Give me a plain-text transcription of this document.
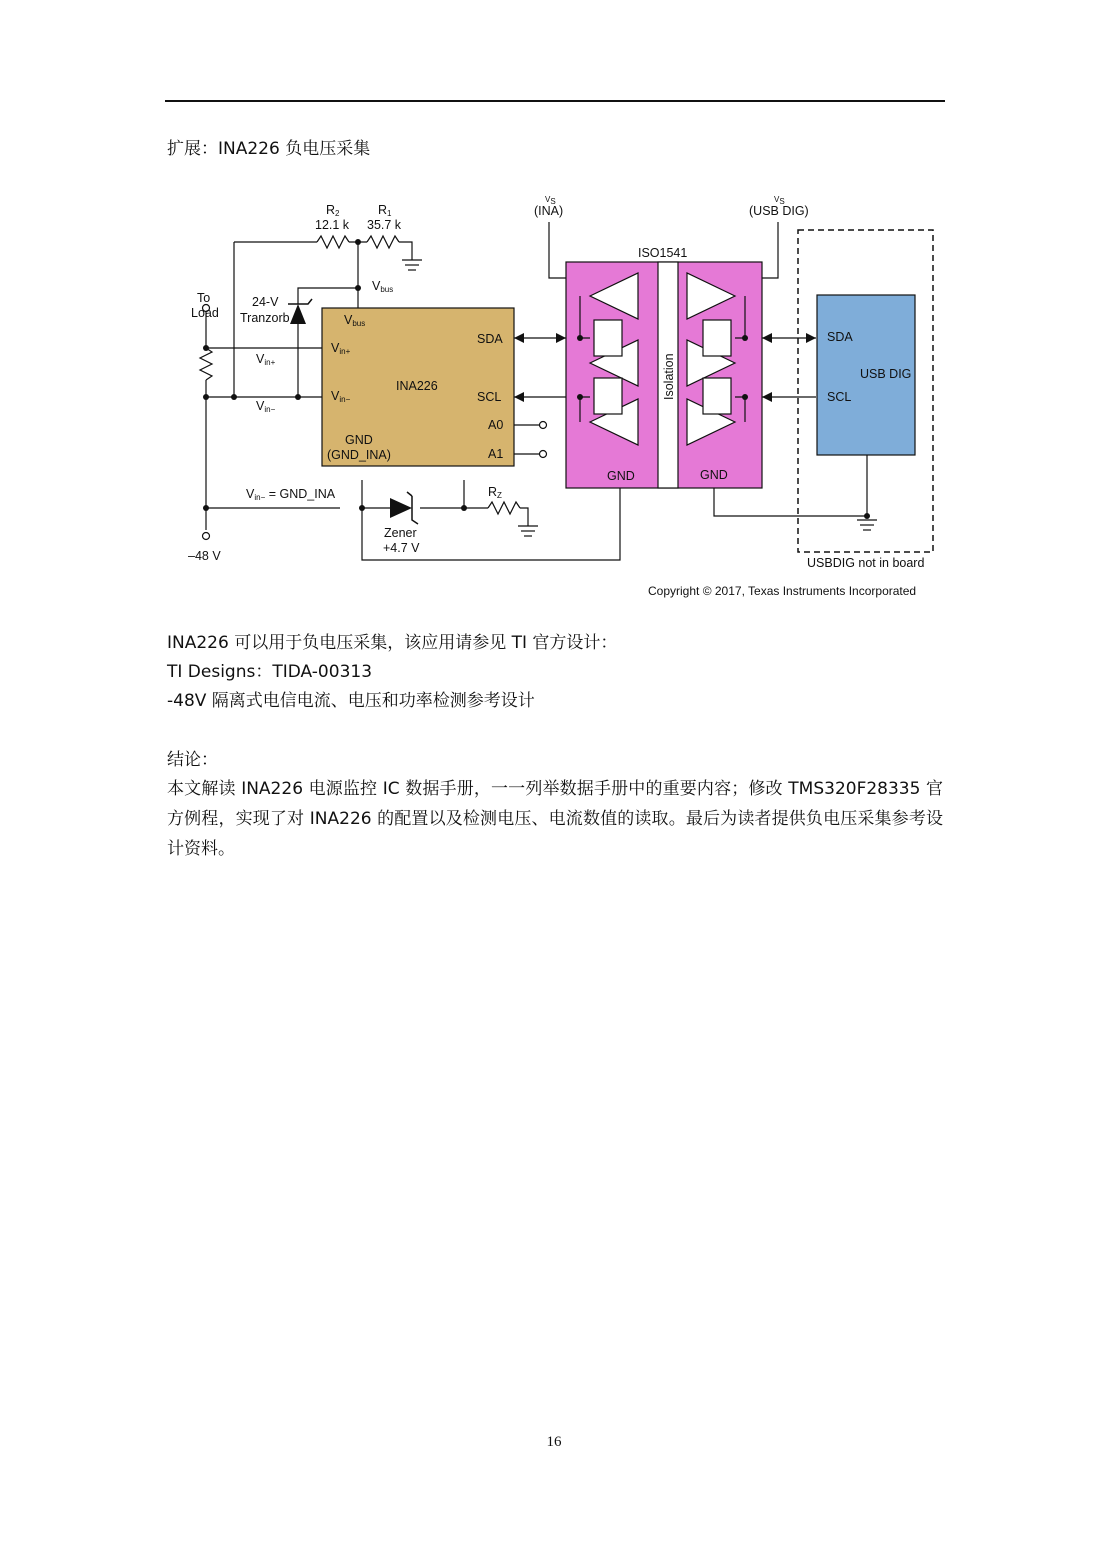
扩展：INA226 负电压采集

R2
12.1 k
R1
35.7 k
VS
(INA)
VS
(USB DIG)
ISO1541
To
Load
24-V
Tranzorb
Vbus
Vbus
Vin+
Vin−
Vin+
Vin−
INA226
SDA
SCL
A0
A1
GND
(GND_INA)
Vin− = GND_INA
–48 V
Zener
+4.7 V
RZ
Isolation
GND	GND
SDA
USB DIG
SCL
USBDIG not in board
Copyright © 2017, Texas Instruments Incorporated

INA226 可以用于负电压采集，该应用请参见 TI 官方设计：

TI Designs：TIDA-00313

-48V 隔离式电信电流、电压和功率检测参考设计

结论：

本文解读 INA226 电源监控 IC 数据手册，一一列举数据手册中的重要内容；修改 TMS320F28335 官方例程，实现了对 INA226 的配置以及检测电压、电流数值的读取。最后为读者提供负电压采集参考设计资料。

16
